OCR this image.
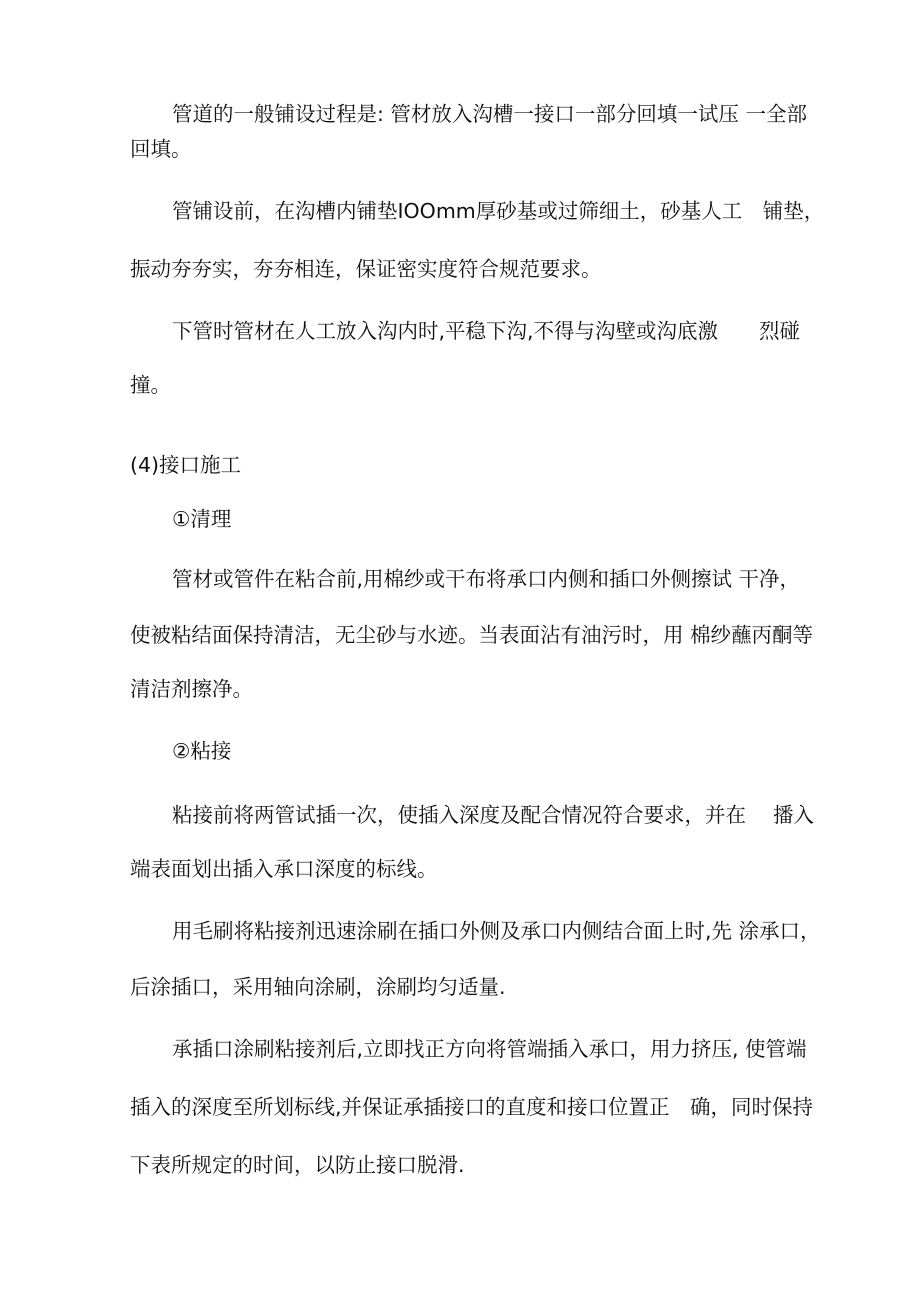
管道的一般铺设过程是: 管材放入沟槽一接口一部分回填一试压 一全部

回填。

管铺设前，在沟槽内铺垫IOOmm厚砂基或过筛细土，砂基人工　铺垫，

振动夯夯实，夯夯相连，保证密实度符合规范要求。

下管时管材在人工放入沟内时,平稳下沟,不得与沟壁或沟底激　　烈碰

撞。

(4)接口施工

①清理

管材或管件在粘合前,用棉纱或干布将承口内侧和插口外侧擦试 干净，

使被粘结面保持清洁，无尘砂与水迹。当表面沾有油污时，用 棉纱蘸丙酮等

清洁剂擦净。

②粘接

粘接前将两管试插一次，使插入深度及配合情况符合要求，并在　 播入

端表面划出插入承口深度的标线。

用毛刷将粘接剂迅速涂刷在插口外侧及承口内侧结合面上时,先 涂承口，

后涂插口，采用轴向涂刷，涂刷均匀适量.

承插口涂刷粘接剂后,立即找正方向将管端插入承口，用力挤压, 使管端

插入的深度至所划标线,并保证承插接口的直度和接口位置正　确，同时保持

下表所规定的时间，以防止接口脱滑.
